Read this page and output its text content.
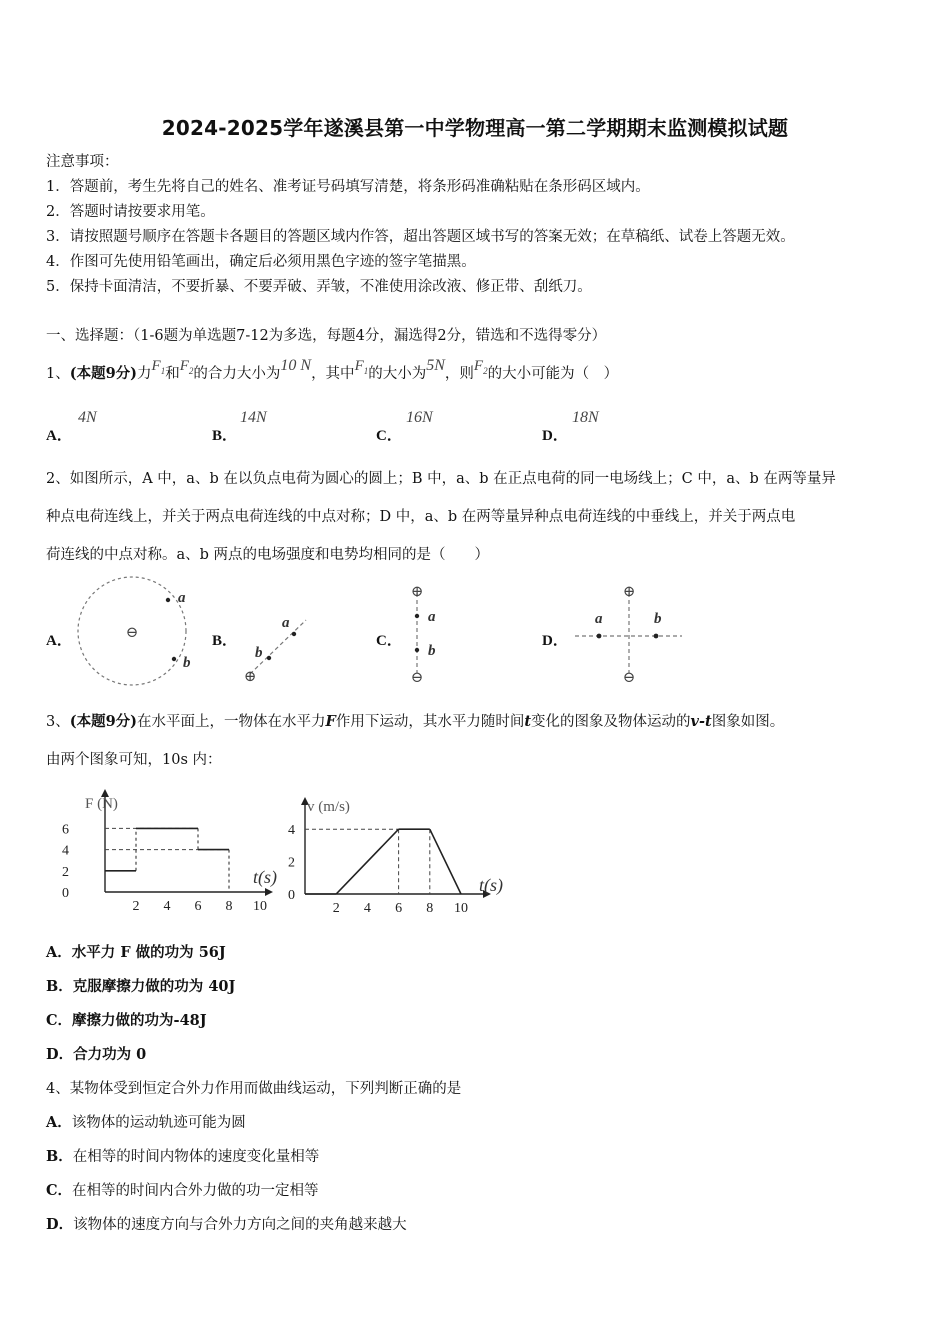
2024-2025学年遂溪县第一中学物理高一第二学期期末监测模拟试题
注意事项：
1．答题前，考生先将自己的姓名、准考证号码填写清楚，将条形码准确粘贴在条形码区域内。
2．答题时请按要求用笔。
3．请按照题号顺序在答题卡各题目的答题区域内作答，超出答题区域书写的答案无效；在草稿纸、试卷上答题无效。
4．作图可先使用铅笔画出，确定后必须用黑色字迹的签字笔描黑。
5．保持卡面清洁，不要折暴、不要弄破、弄皱，不准使用涂改液、修正带、刮纸刀。
一、选择题：（1-6题为单选题7-12为多选，每题4分，漏选得2分，错选和不选得零分）
1、(本题9分)力$F_1$和$F_2$的合力大小为10 N，其中$F_1$的大小为5N，则$F_2$的大小可能为（　）
A．
4N
B．
14N
C．
16N
D．
18N
2、如图所示，A 中，a、b 在以负点电荷为圆心的圆上；B 中，a、b 在正点电荷的同一电场线上；C 中，a、b 在两等量异
种点电荷连线上，并关于两点电荷连线的中点对称；D 中，a、b 在两等量异种点电荷连线的中垂线上，并关于两点电
荷连线的中点对称。a、b 两点的电场强度和电势均相同的是（　　）
A．	B．	C．	D．
⊖
a
b
⊕
a
b
⊕
⊖
a
b
⊕
⊖
a	b
3、(本题9分)在水平面上，一物体在水平力F作用下运动，其水平力随时间t变化的图象及物体运动的v-t图象如图。
由两个图象可知，10s 内：
F (N)
t(s)
2 4 6 8 10
0
2
4
6
v (m/s)
t(s)
2 4 6 8 10
0
2
4
A．水平力 F 做的功为 56J
B．克服摩擦力做的功为 40J
C．摩擦力做的功为-48J
D．合力功为 0
4、某物体受到恒定合外力作用而做曲线运动，下列判断正确的是
A．该物体的运动轨迹可能为圆
B．在相等的时间内物体的速度变化量相等
C．在相等的时间内合外力做的功一定相等
D．该物体的速度方向与合外力方向之间的夹角越来越大
